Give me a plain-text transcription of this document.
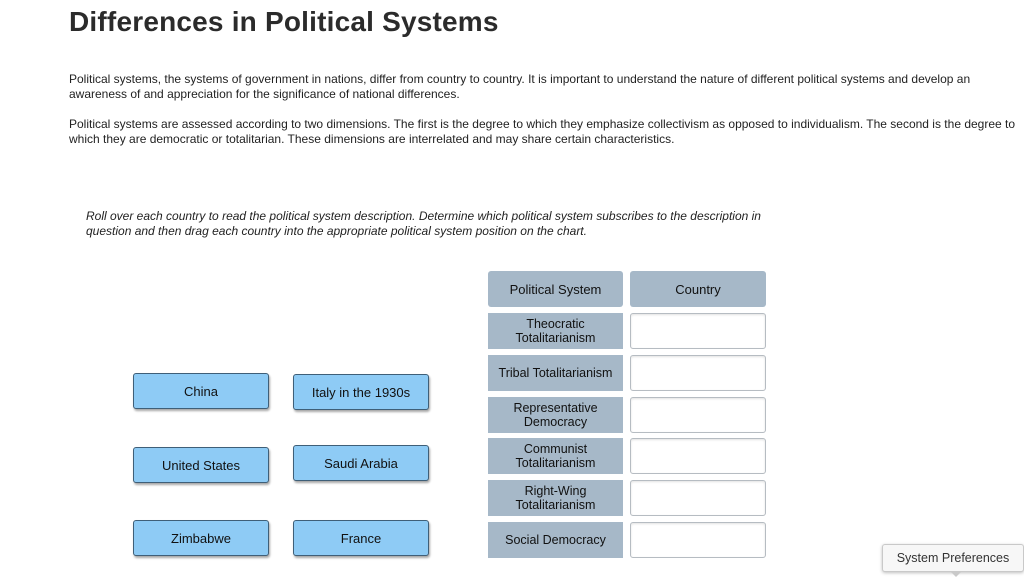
Differences in Political Systems
Political systems, the systems of government in nations, differ from country to country. It is important to understand the nature of different political systems and develop an awareness of and appreciation for the significance of national differences.
Political systems are assessed according to two dimensions. The first is the degree to which they emphasize collectivism as opposed to individualism. The second is the degree to which they are democratic or totalitarian. These dimensions are interrelated and may share certain characteristics.
Roll over each country to read the political system description. Determine which political system subscribes to the description in question and then drag each country into the appropriate political system position on the chart.
China	Italy in the 1930s
United States	Saudi Arabia
Zimbabwe	France
Political System	Country
Theocratic Totalitarianism
Tribal Totalitarianism
Representative Democracy
Communist Totalitarianism
Right-Wing Totalitarianism
Social Democracy
System Preferences
